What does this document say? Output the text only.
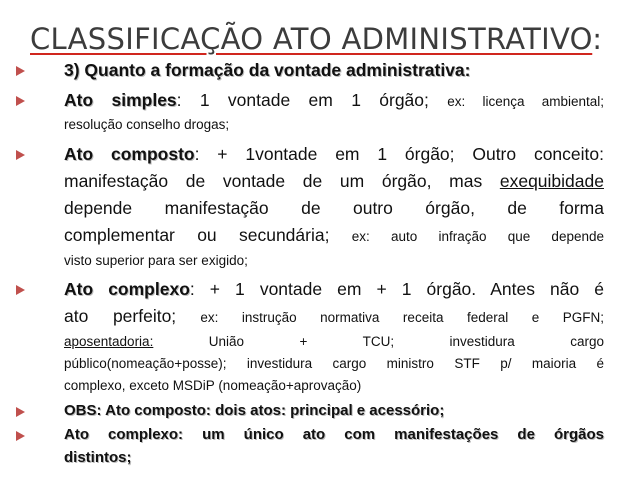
CLASSIFICAÇÃO ATO ADMINISTRATIVO:
3) Quanto a formação da vontade administrativa:
Ato simples: 1 vontade em 1 órgão; ex: licença ambiental;
resolução conselho drogas;
Ato composto: + 1vontade em 1 órgão; Outro conceito:
manifestação de vontade de um órgão, mas exequibidade
depende manifestação de outro órgão, de forma
complementar ou secundária; ex: auto infração que depende
visto superior para ser exigido;
Ato complexo: + 1 vontade em + 1 órgão. Antes não é
ato perfeito; ex: instrução normativa receita federal e PGFN;
aposentadoria:	União + TCU; investidura cargo
público(nomeação+posse); investidura cargo ministro STF p/ maioria é
complexo, exceto MSDiP (nomeação+aprovação)
OBS: Ato composto: dois atos: principal e acessório;
Ato complexo: um único ato com manifestações de órgãos
distintos;
